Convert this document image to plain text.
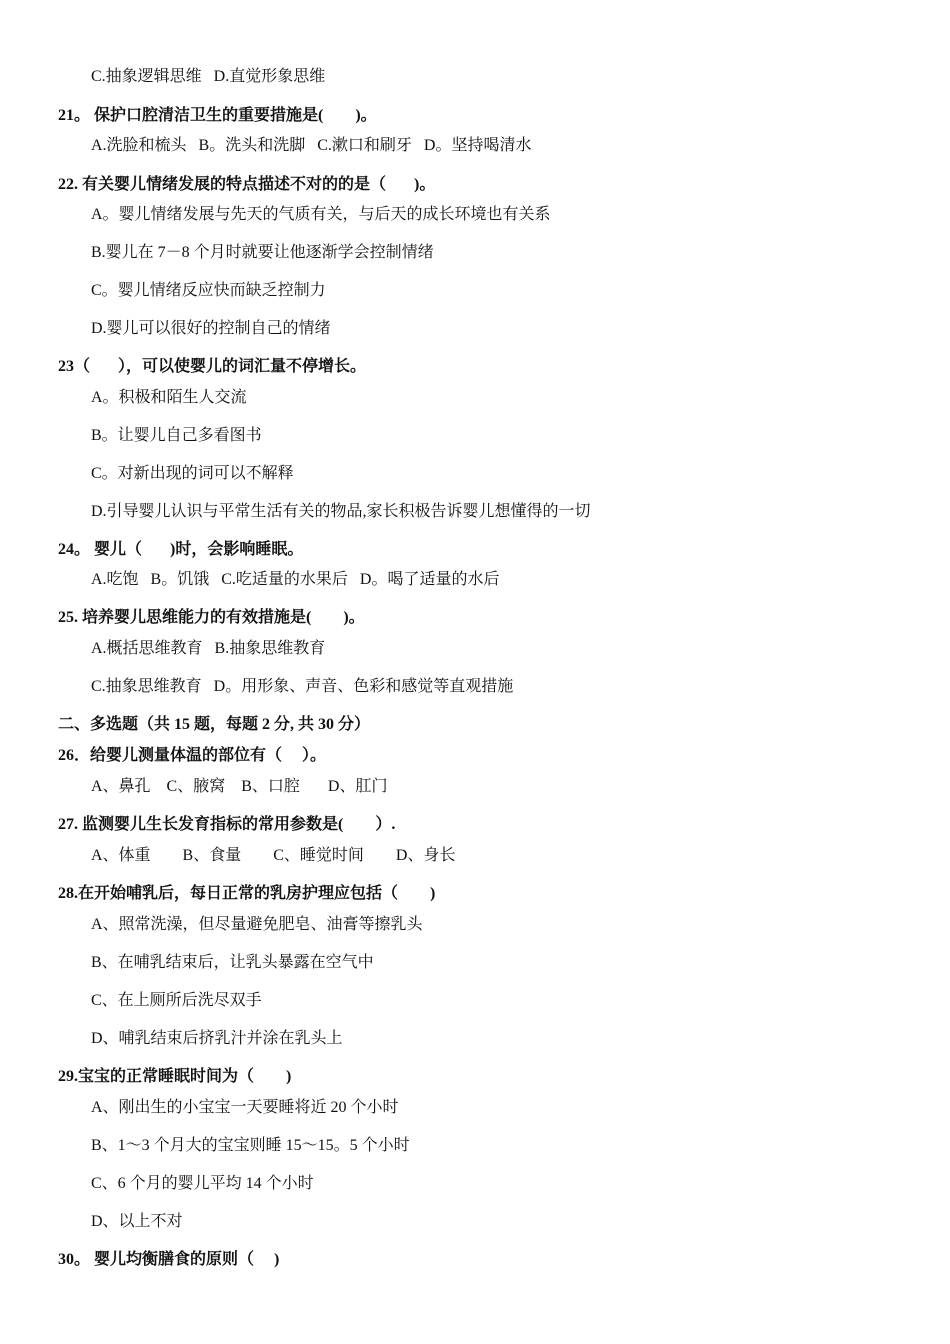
C.抽象逻辑思维   D.直觉形象思维
21。 保护口腔清洁卫生的重要措施是(        )。
A.洗脸和梳头   B。洗头和洗脚   C.漱口和刷牙   D。坚持喝清水
22. 有关婴儿情绪发展的特点描述不对的的是（       )。
A。婴儿情绪发展与先天的气质有关，与后天的成长环境也有关系
B.婴儿在 7－8 个月时就要让他逐渐学会控制情绪
C。婴儿情绪反应快而缺乏控制力
D.婴儿可以很好的控制自己的情绪
23（       ），可以使婴儿的词汇量不停增长。
A。积极和陌生人交流
B。让婴儿自己多看图书
C。对新出现的词可以不解释
D.引导婴儿认识与平常生活有关的物品,家长积极告诉婴儿想懂得的一切
24。 婴儿（       )时，会影响睡眠。
A.吃饱   B。饥饿   C.吃适量的水果后   D。喝了适量的水后
25. 培养婴儿思维能力的有效措施是(        )。
A.概括思维教育   B.抽象思维教育
C.抽象思维教育   D。用形象、声音、色彩和感觉等直观措施
二、多选题（共 15 题，每题 2 分, 共 30 分）
26．给婴儿测量体温的部位有（     ）。
A、鼻孔    C、腋窝    B、口腔       D、肛门
27. 监测婴儿生长发育指标的常用参数是(        ）.
A、体重        B、食量        C、睡觉时间        D、身长
28.在开始哺乳后，每日正常的乳房护理应包括（        )
A、照常洗澡，但尽量避免肥皂、油膏等擦乳头
B、在哺乳结束后，让乳头暴露在空气中
C、在上厕所后洗尽双手
D、哺乳结束后挤乳汁并涂在乳头上
29.宝宝的正常睡眠时间为（        )
A、刚出生的小宝宝一天要睡将近 20 个小时
B、1～3 个月大的宝宝则睡 15～15。5 个小时
C、6 个月的婴儿平均 14 个小时
D、以上不对
30。 婴儿均衡膳食的原则（     )
